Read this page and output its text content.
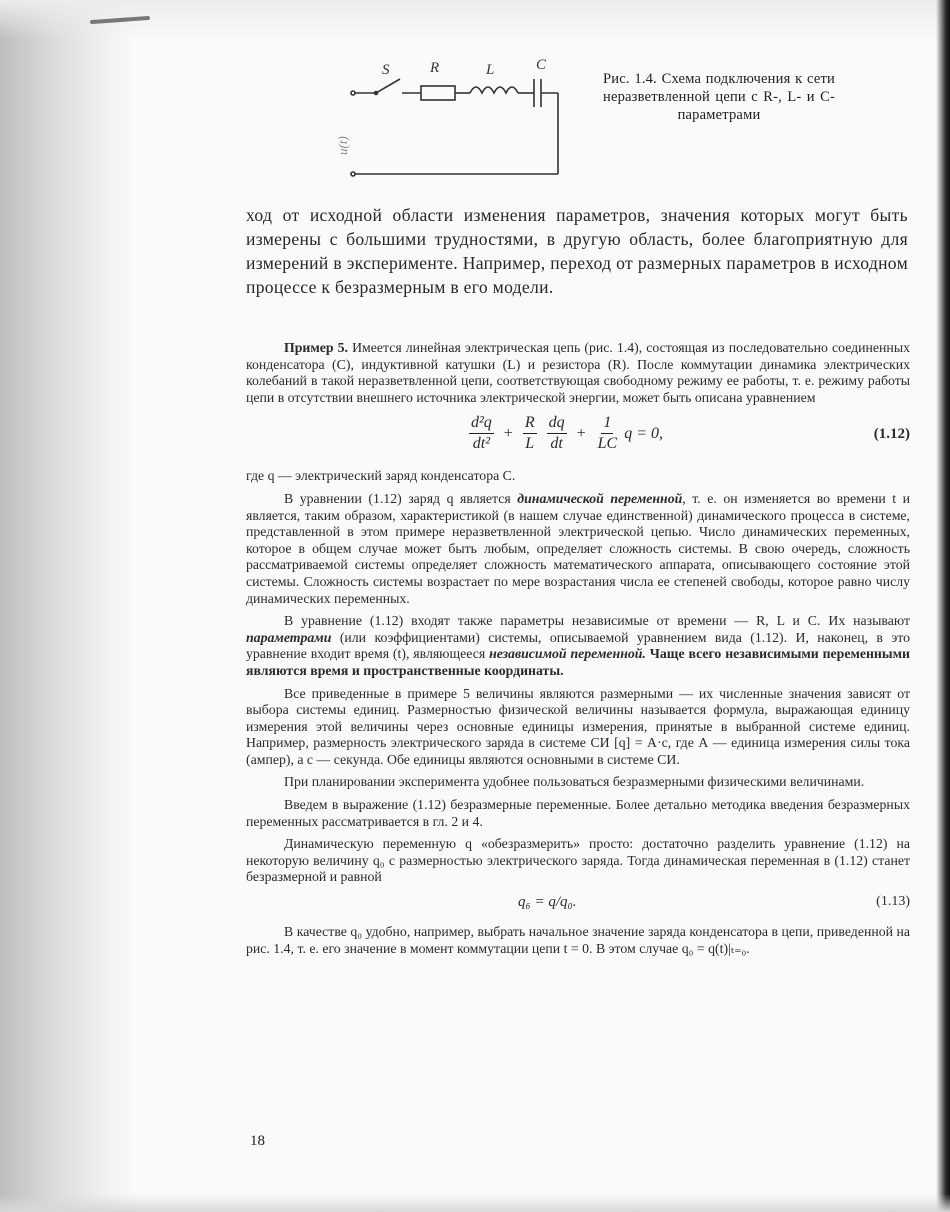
S	R	L	C
u(t)
Рис. 1.4. Схема подключения к сети неразветвленной цепи с R-, L- и C-параметрами
ход от исходной области изменения параметров, значения которых могут быть измерены с большими трудностями, в другую область, более благоприятную для измерений в эксперименте. Например, переход от размерных параметров в исходном процессе к безразмерным в его модели.

Пример 5. Имеется линейная электрическая цепь (рис. 1.4), состоящая из последовательно соединенных конденсатора (C), индуктивной катушки (L) и резистора (R). После коммутации динамика электрических колебаний в такой неразветвленной цепи, соответствующая свободному режиму ее работы, т. е. режиму работы цепи в отсутствии внешнего источника электрической энергии, может быть описана уравнением

$\frac{\text{d²q}}{\text{dt²}} + \frac{R}{L} \frac{dq}{dt} + \frac{1}{LC}$ q = 0,	(1.12)

где q — электрический заряд конденсатора C.

В уравнении (1.12) заряд q является динамической переменной, т. е. он изменяется во времени t и является, таким образом, характеристикой (в нашем случае единственной) динамического процесса в системе, представленной в этом примере неразветвленной электрической цепью. Число динамических переменных, которое в общем случае может быть любым, определяет сложность системы. В свою очередь, сложность рассматриваемой системы определяет сложность математического аппарата, описывающего состояние этой системы. Сложность системы возрастает по мере возрастания числа ее степеней свободы, которое равно числу динамических переменных.

В уравнение (1.12) входят также параметры независимые от времени — R, L и C. Их называют параметрами (или коэффициентами) системы, описываемой уравнением вида (1.12). И, наконец, в это уравнение входит время (t), являющееся независимой переменной. Чаще всего независимыми переменными являются время и пространственные координаты.

Все приведенные в примере 5 величины являются размерными — их численные значения зависят от выбора системы единиц. Размерностью физической величины называется формула, выражающая единицу измерения этой величины через основные единицы измерения, принятые в выбранной системе единиц. Например, размерность электрического заряда в системе СИ [q] = А·с, где А — единица измерения силы тока (ампер), а с — секунда. Обе единицы являются основными в системе СИ.

При планировании эксперимента удобнее пользоваться безразмерными физическими величинами.

Введем в выражение (1.12) безразмерные переменные. Более детально методика введения безразмерных переменных рассматривается в гл. 2 и 4.

Динамическую переменную q «обезразмерить» просто: достаточно разделить уравнение (1.12) на некоторую величину q₀ с размерностью электрического заряда. Тогда динамическая переменная в (1.12) станет безразмерной и равной

q₆ = q/q₀.	(1.13)

В качестве q₀ удобно, например, выбрать начальное значение заряда конденсатора в цепи, приведенной на рис. 1.4, т. е. его значение в момент коммутации цепи t = 0. В этом случае q₀ = q(t)|ₜ₌₀.

18
